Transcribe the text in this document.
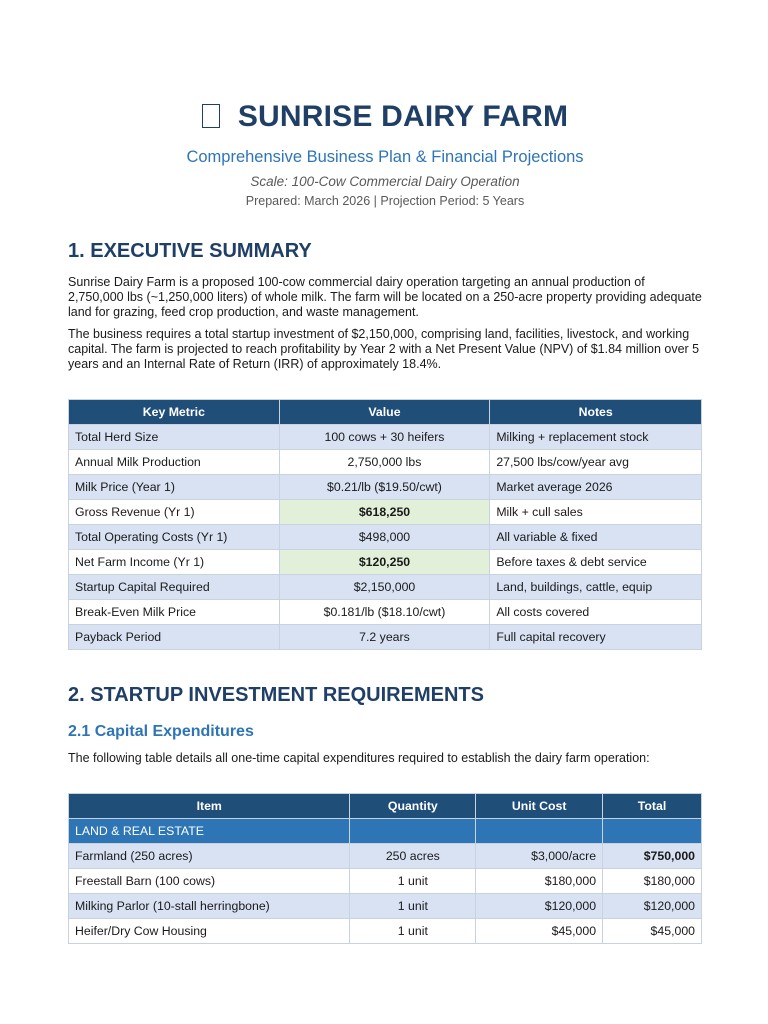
SUNRISE DAIRY FARM
Comprehensive Business Plan & Financial Projections
Scale: 100-Cow Commercial Dairy Operation
Prepared: March 2026 | Projection Period: 5 Years
1. EXECUTIVE SUMMARY

Sunrise Dairy Farm is a proposed 100-cow commercial dairy operation targeting an annual production of 2,750,000 lbs (~1,250,000 liters) of whole milk. The farm will be located on a 250-acre property providing adequate land for grazing, feed crop production, and waste management.

The business requires a total startup investment of $2,150,000, comprising land, facilities, livestock, and working capital. The farm is projected to reach profitability by Year 2 with a Net Present Value (NPV) of $1.84 million over 5 years and an Internal Rate of Return (IRR) of approximately 18.4%.

Key Metric	Value	Notes
Total Herd Size	100 cows + 30 heifers	Milking + replacement stock
Annual Milk Production	2,750,000 lbs	27,500 lbs/cow/year avg
Milk Price (Year 1)	$0.21/lb ($19.50/cwt)	Market average 2026
Gross Revenue (Yr 1)	$618,250	Milk + cull sales
Total Operating Costs (Yr 1)	$498,000	All variable & fixed
Net Farm Income (Yr 1)	$120,250	Before taxes & debt service
Startup Capital Required	$2,150,000	Land, buildings, cattle, equip
Break-Even Milk Price	$0.181/lb ($18.10/cwt)	All costs covered
Payback Period	7.2 years	Full capital recovery
2. STARTUP INVESTMENT REQUIREMENTS
2.1 Capital Expenditures

The following table details all one-time capital expenditures required to establish the dairy farm operation:

Item	Quantity	Unit Cost	Total
LAND & REAL ESTATE			
Farmland (250 acres)	250 acres	$3,000/acre	$750,000
Freestall Barn (100 cows)	1 unit	$180,000	$180,000
Milking Parlor (10-stall herringbone)	1 unit	$120,000	$120,000
Heifer/Dry Cow Housing	1 unit	$45,000	$45,000
